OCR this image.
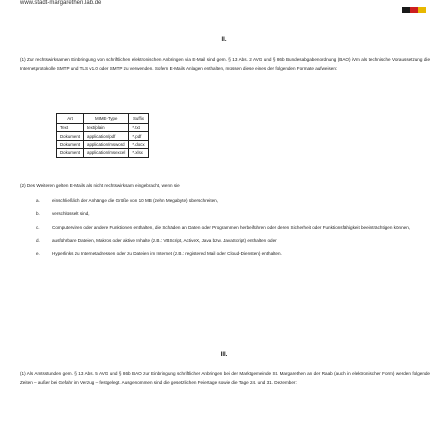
www.stadt-margarethen.lab.de
II.
(1) Zur rechtswirksamen Einbringung von schriftlichen elektronischen Anbringen via E-Mail sind gem. § 13 Abs. 2 AVG und § 86b Bundesabgabenordnung (BAO) iVm als technische Voraussetzung die Internetprotokolle SMTP und TLS v1.0 oder SMTP zu verwenden. Sofern E-Mails Anlagen enthalten, müssen diese eines der folgenden Formate aufweisen:
Art	MIME-Type	Suffix
Text	text/plain	*.txt
Dokument	application/pdf	*.pdf
Dokument	application/msword	*.docx
Dokument	application/msexcel	*.xlsx
(2) Des Weiteren gelten E-Mails als nicht rechtswirksam eingebracht, wenn sie
a.	einschließlich der Anhänge die Größe von 10 MB (zehn Megabyte) überschreiten,
b.	verschlüsselt sind,
c.	Computerviren oder andere Funktionen enthalten, die Schäden an Daten oder Programmen herbeiführen oder deren Sicherheit oder Funktionsfähigkeit beeinträchtigen können,
d.	ausführbare Dateien, Makros oder aktive Inhalte (z.B.: VBScript, ActiveX, Java bzw. JavaScript) enthalten oder
e.	Hyperlinks zu Internetadressen oder zu Dateien im Internet (z.B.: registered Mail oder Cloud-Diensten) enthalten.
III.
(1) Als Amtsstunden gem. § 13 Abs. 5 AVG und § 86b BAO zur Einbringung schriftlicher Anbringen bei der Marktgemeinde St. Margarethen an der Raab (auch in elektronischer Form) werden folgende Zeiten – außer bei Gefahr im Verzug – festgelegt. Ausgenommen sind die gesetzlichen Feiertage sowie die Tage 24. und 31. Dezember:
